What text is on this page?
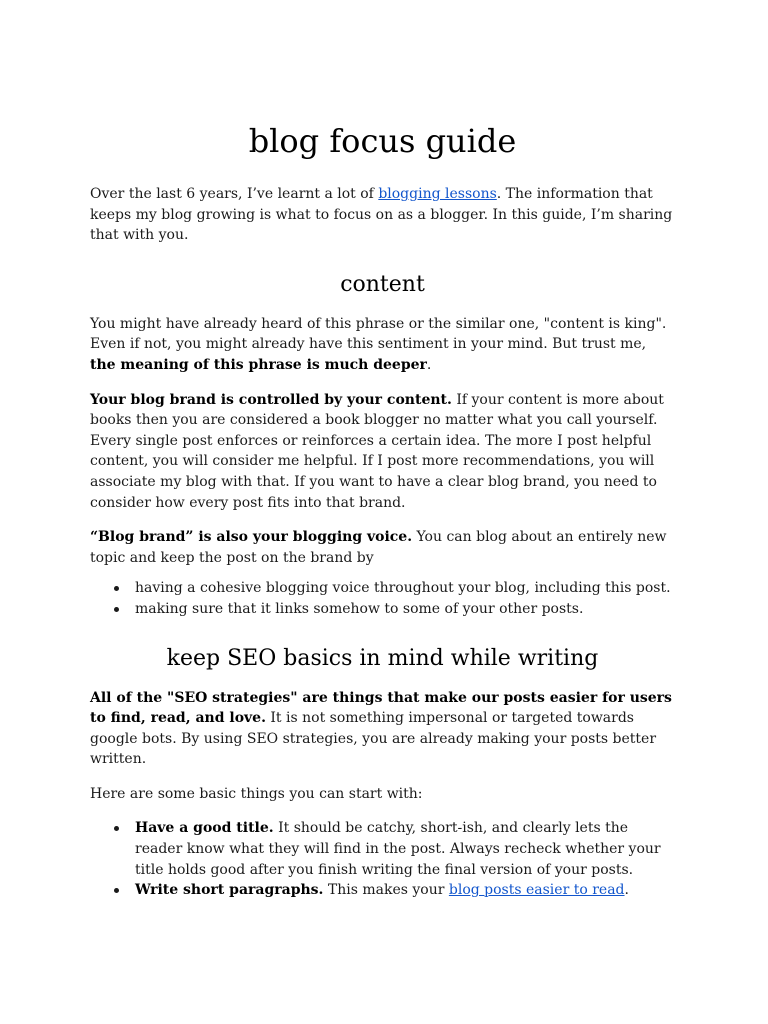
blog focus guide

Over the last 6 years, I’ve learnt a lot of blogging lessons. The information that keeps my blog growing is what to focus on as a blogger. In this guide, I’m sharing that with you.

content

You might have already heard of this phrase or the similar one, "content is king". Even if not, you might already have this sentiment in your mind. But trust me, the meaning of this phrase is much deeper.

Your blog brand is controlled by your content. If your content is more about books then you are considered a book blogger no matter what you call yourself. Every single post enforces or reinforces a certain idea. The more I post helpful content, you will consider me helpful. If I post more recommendations, you will associate my blog with that. If you want to have a clear blog brand, you need to consider how every post fits into that brand.

“Blog brand” is also your blogging voice. You can blog about an entirely new topic and keep the post on the brand by

having a cohesive blogging voice throughout your blog, including this post.
making sure that it links somehow to some of your other posts.
keep SEO basics in mind while writing

All of the "SEO strategies" are things that make our posts easier for users to find, read, and love. It is not something impersonal or targeted towards google bots. By using SEO strategies, you are already making your posts better written.

Here are some basic things you can start with:

Have a good title. It should be catchy, short-ish, and clearly lets the reader know what they will find in the post. Always recheck whether your title holds good after you finish writing the final version of your posts.
Write short paragraphs. This makes your blog posts easier to read.
